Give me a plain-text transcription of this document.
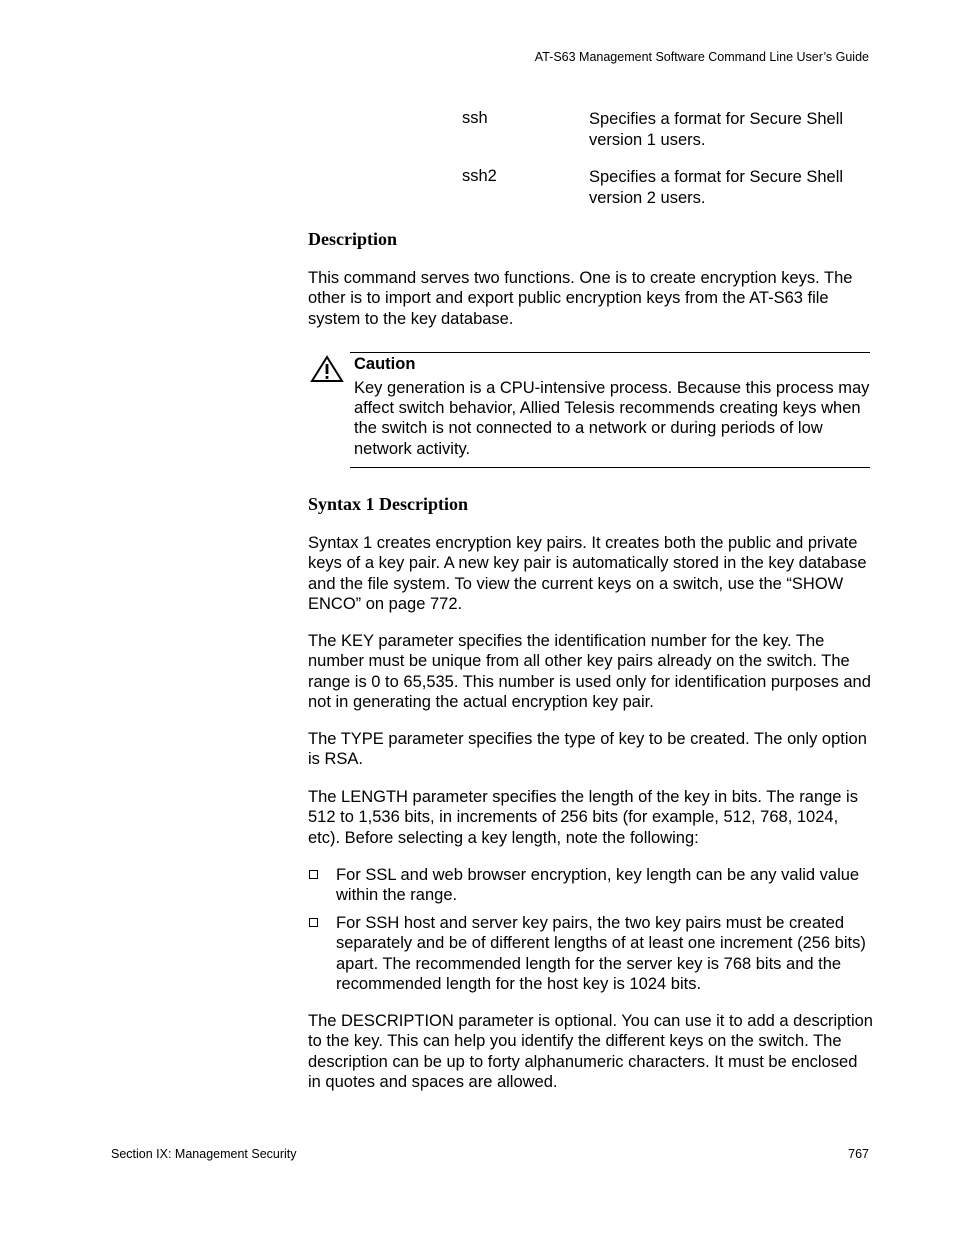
AT-S63 Management Software Command Line User’s Guide
ssh	Specifies a format for Secure Shell version 1 users.
ssh2	Specifies a format for Secure Shell version 2 users.
Description
This command serves two functions. One is to create encryption keys. The other is to import and export public encryption keys from the AT-S63 file system to the key database.
Caution
Key generation is a CPU-intensive process. Because this process may affect switch behavior, Allied Telesis recommends creating keys when the switch is not connected to a network or during periods of low network activity.
Syntax 1 Description
Syntax 1 creates encryption key pairs. It creates both the public and private keys of a key pair. A new key pair is automatically stored in the key database and the file system. To view the current keys on a switch, use the “SHOW ENCO” on page 772.
The KEY parameter specifies the identification number for the key. The number must be unique from all other key pairs already on the switch. The range is 0 to 65,535. This number is used only for identification purposes and not in generating the actual encryption key pair.
The TYPE parameter specifies the type of key to be created. The only option is RSA.
The LENGTH parameter specifies the length of the key in bits. The range is 512 to 1,536 bits, in increments of 256 bits (for example, 512, 768, 1024, etc). Before selecting a key length, note the following:
For SSL and web browser encryption, key length can be any valid value within the range.
For SSH host and server key pairs, the two key pairs must be created separately and be of different lengths of at least one increment (256 bits) apart. The recommended length for the server key is 768 bits and the recommended length for the host key is 1024 bits.
The DESCRIPTION parameter is optional. You can use it to add a description to the key. This can help you identify the different keys on the switch. The description can be up to forty alphanumeric characters. It must be enclosed in quotes and spaces are allowed.
Section IX: Management Security	767
